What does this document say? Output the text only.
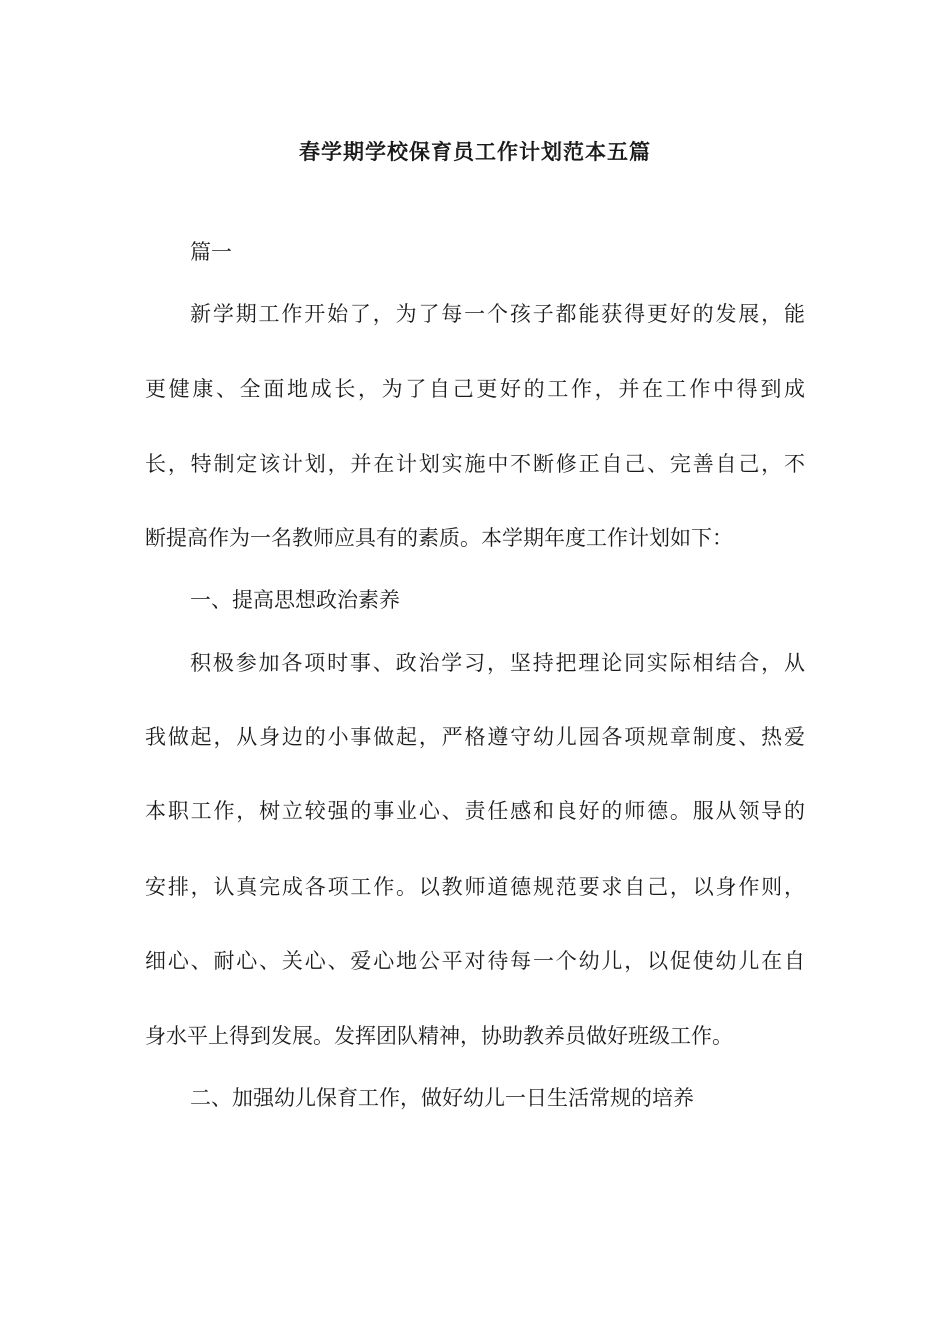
春学期学校保育员工作计划范本五篇
篇一
新学期工作开始了，为了每一个孩子都能获得更好的发展，能
更健康、全面地成长，为了自己更好的工作，并在工作中得到成
长，特制定该计划，并在计划实施中不断修正自己、完善自己，不
断提高作为一名教师应具有的素质。本学期年度工作计划如下：
一、提高思想政治素养
积极参加各项时事、政治学习，坚持把理论同实际相结合，从
我做起，从身边的小事做起，严格遵守幼儿园各项规章制度、热爱
本职工作，树立较强的事业心、责任感和良好的师德。服从领导的
安排，认真完成各项工作。以教师道德规范要求自己，以身作则，
细心、耐心、关心、爱心地公平对待每一个幼儿，以促使幼儿在自
身水平上得到发展。发挥团队精神，协助教养员做好班级工作。
二、加强幼儿保育工作，做好幼儿一日生活常规的培养
